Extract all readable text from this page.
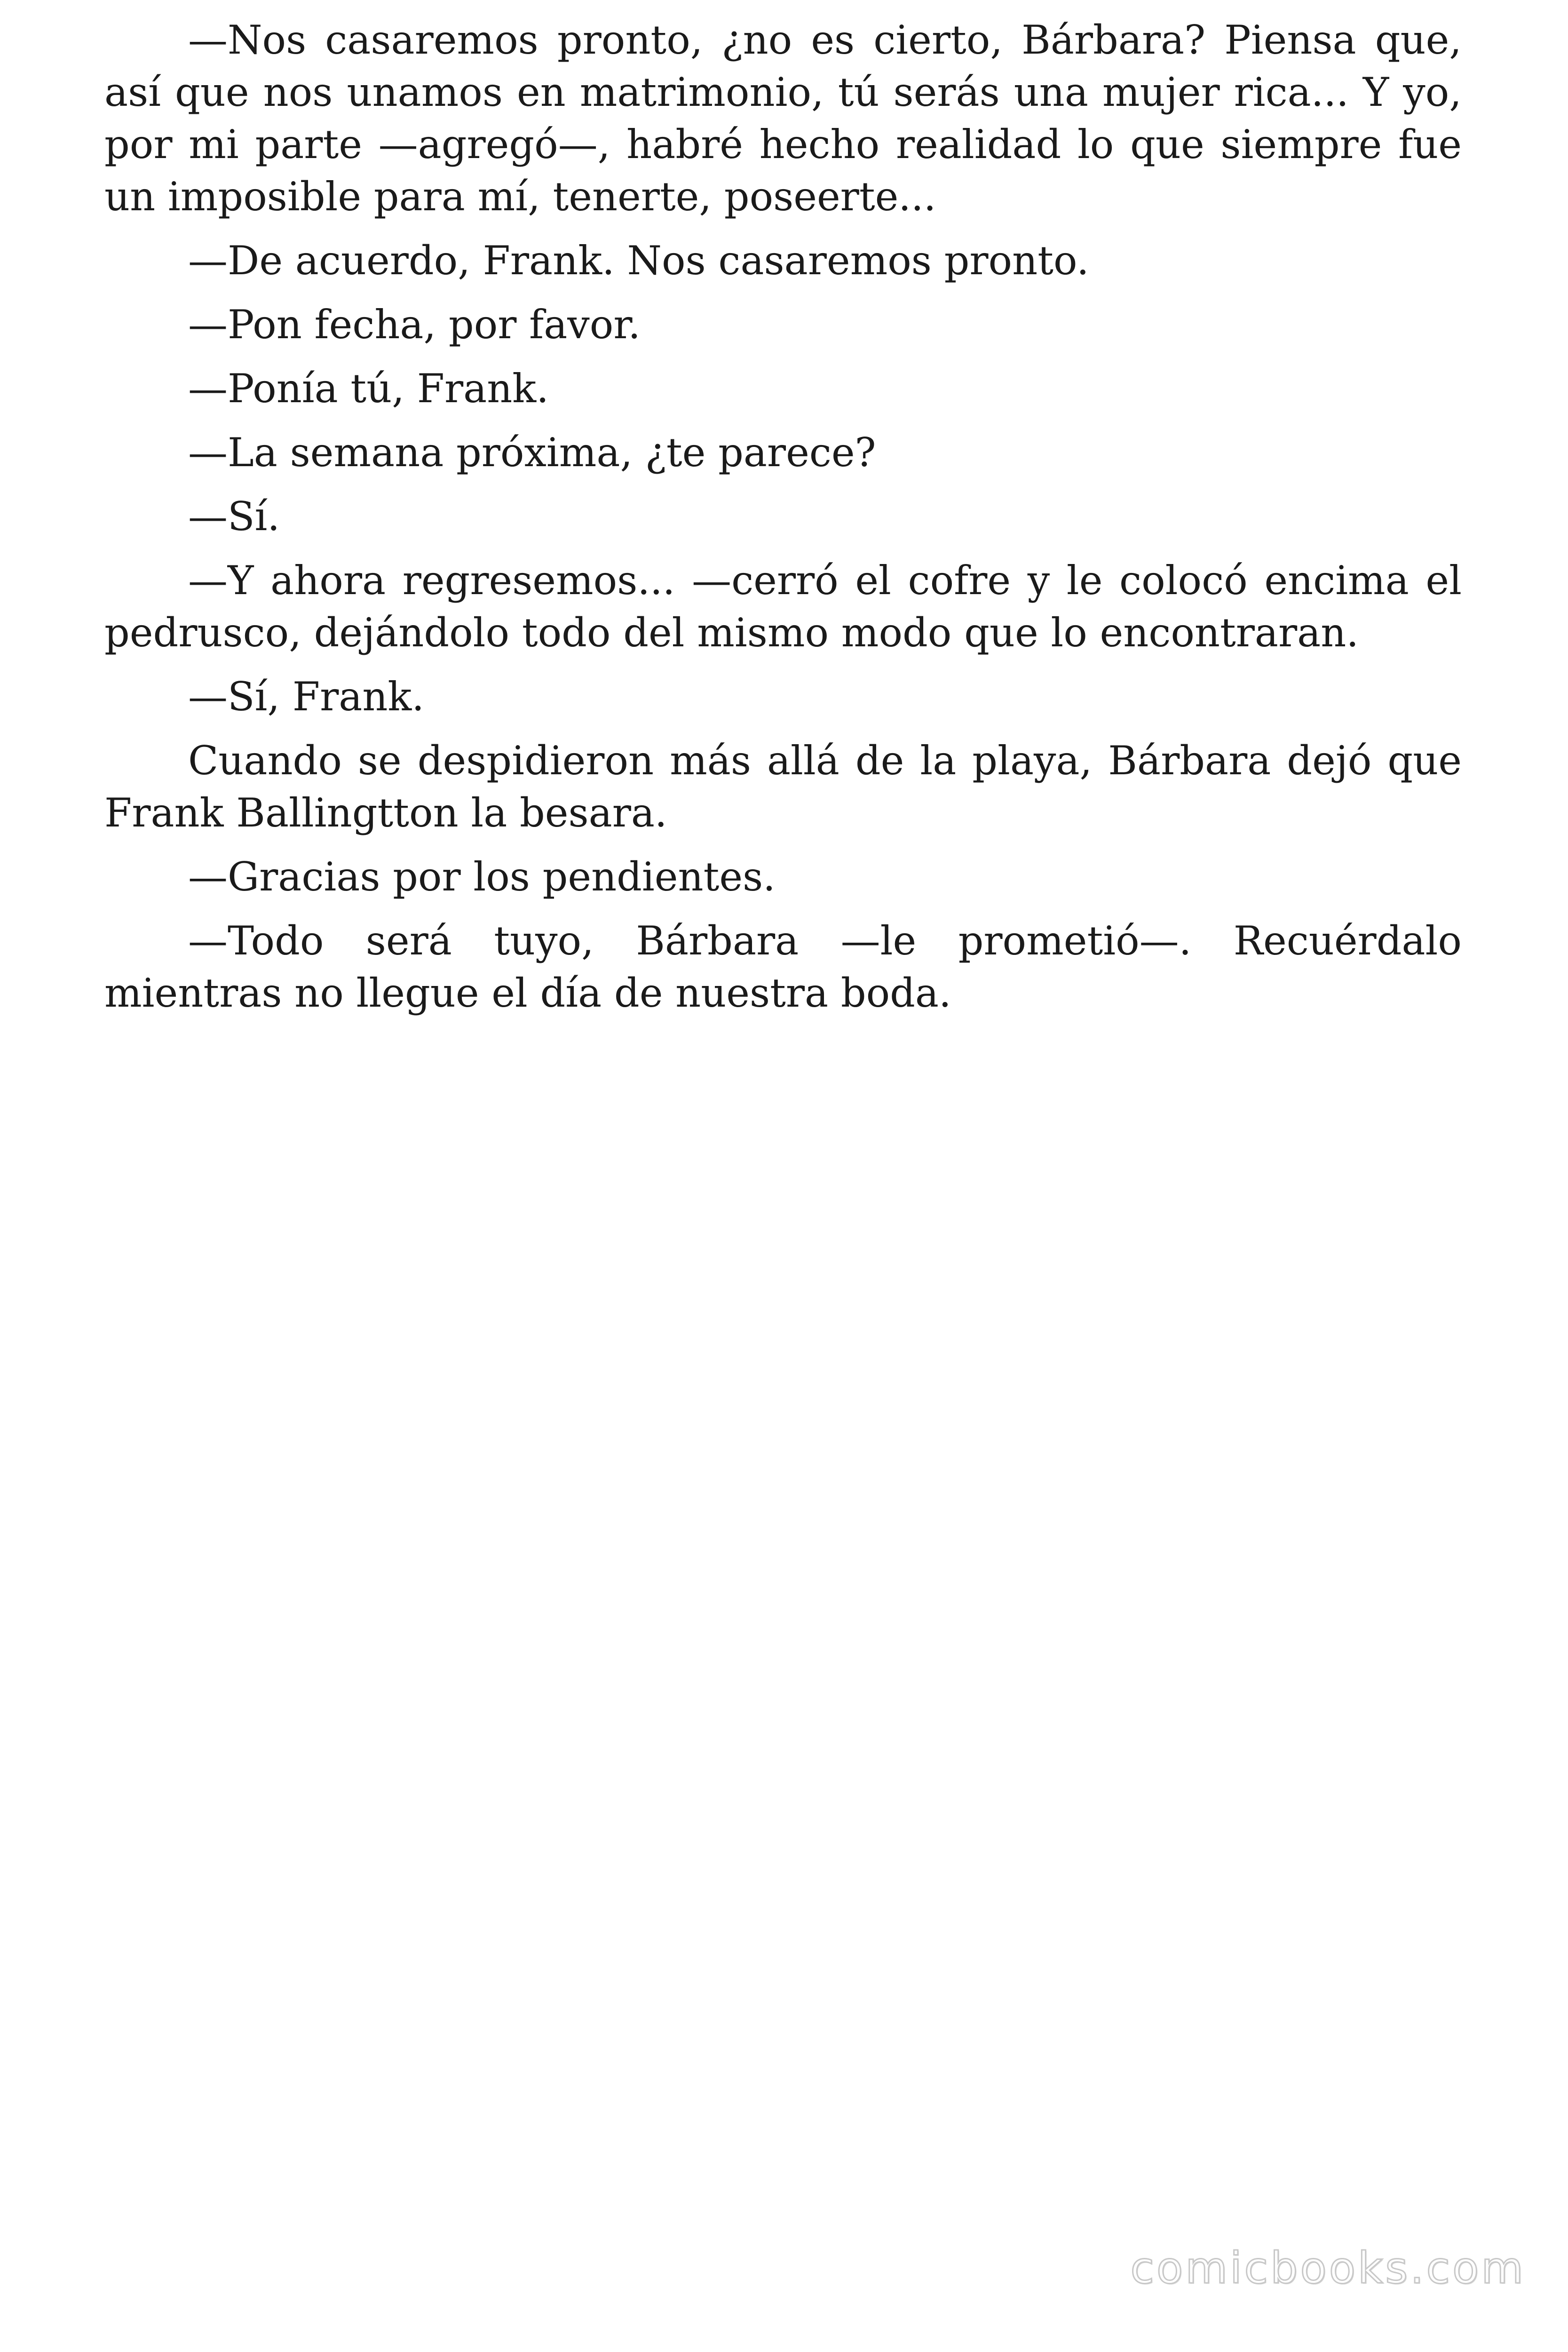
—Nos casaremos pronto, ¿no es cierto, Bárbara? Piensa que, así que nos unamos en matrimonio, tú serás una mujer rica... Y yo, por mi parte —agregó—, habré hecho realidad lo que siempre fue un imposible para mí, tenerte, poseerte...

—De acuerdo, Frank. Nos casaremos pronto.

—Pon fecha, por favor.

—Ponía tú, Frank.

—La semana próxima, ¿te parece?

—Sí.

—Y ahora regresemos... —cerró el cofre y le colocó encima el pedrusco, dejándolo todo del mismo modo que lo encontraran.

—Sí, Frank.

Cuando se despidieron más allá de la playa, Bárbara dejó que Frank Ballingtton la besara.

—Gracias por los pendientes.

—Todo será tuyo, Bárbara —le prometió—. Recuérdalo mientras no llegue el día de nuestra boda.

comicbooks.com
